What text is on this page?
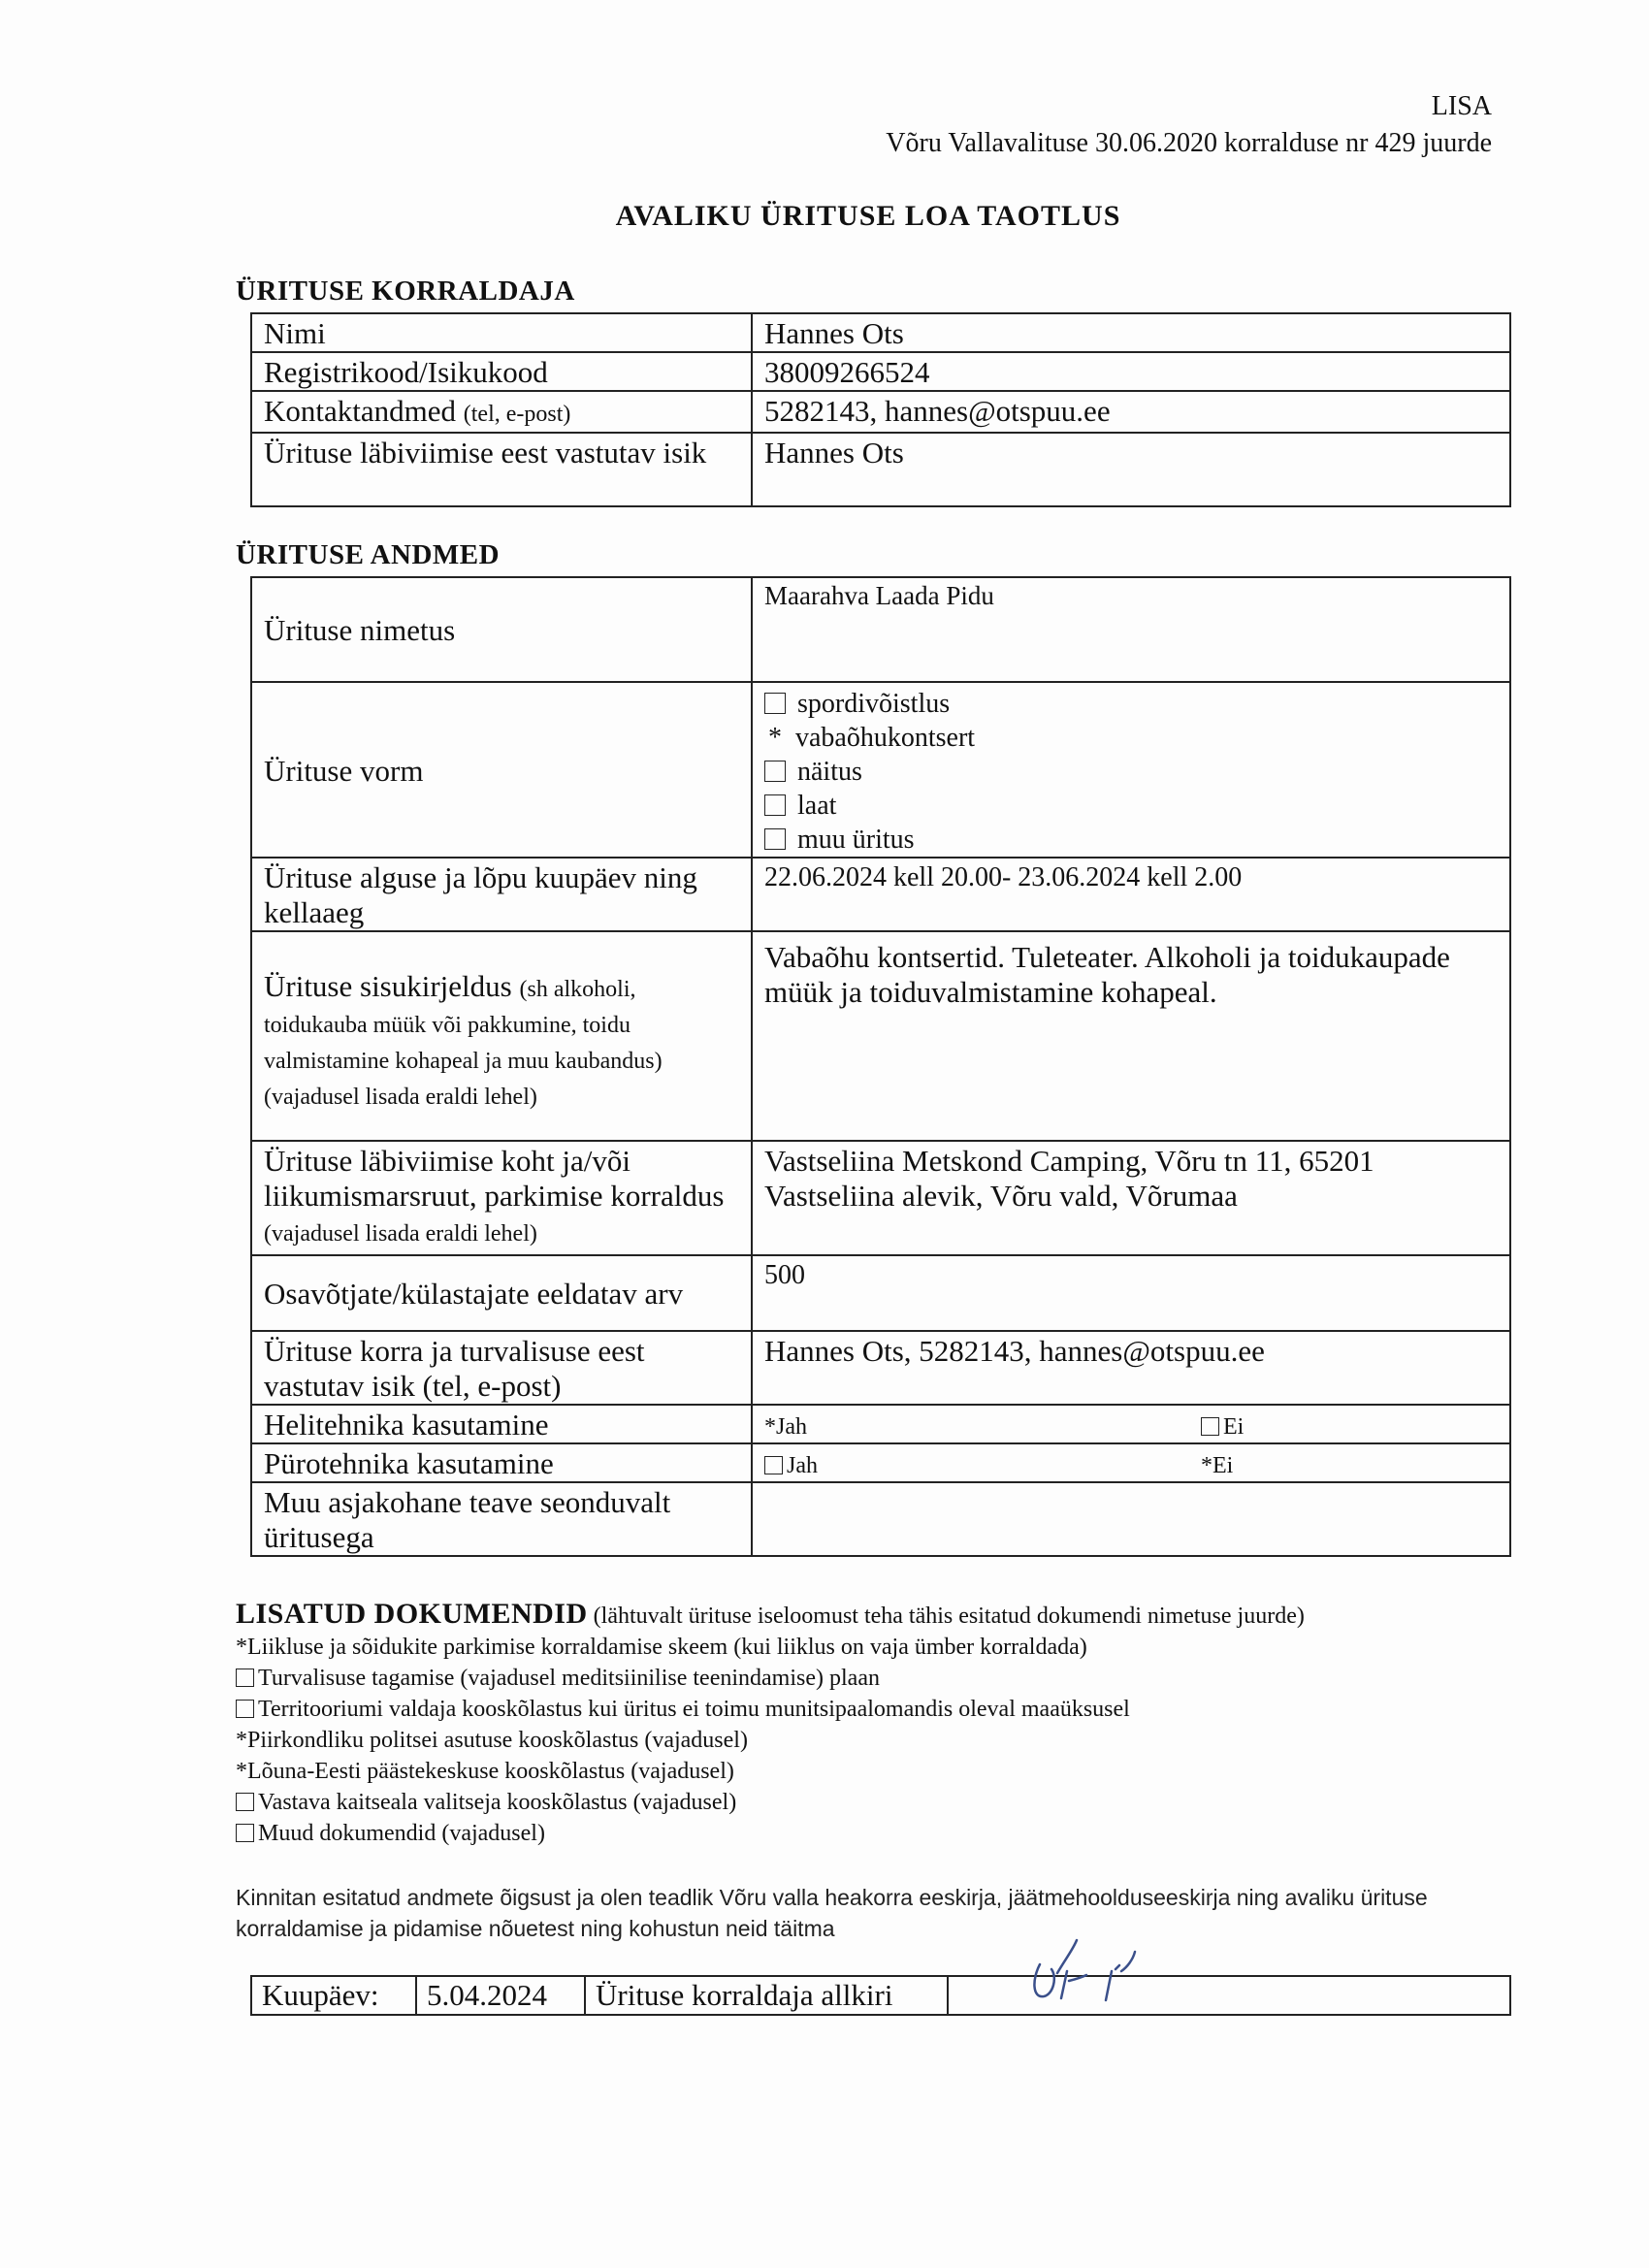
LISA
Võru Vallavalituse 30.06.2020 korralduse nr 429 juurde
AVALIKU ÜRITUSE LOA TAOTLUS
ÜRITUSE KORRALDAJA
Nimi	Hannes Ots
Registrikood/Isikukood	38009266524
Kontaktandmed (tel, e-post)	5282143, hannes@otspuu.ee
Ürituse läbiviimise eest vastutav isik	Hannes Ots
ÜRITUSE ANDMED
Ürituse nimetus	Maarahva Laada Pidu
Ürituse vorm	spordivõistlus
* vabaõhukontsert
näitus
laat
muu üritus

Ürituse alguse ja lõpu kuupäev ning kellaaeg	22.06.2024 kell 20.00- 23.06.2024 kell 2.00
Ürituse sisukirjeldus (sh alkoholi, toidukauba müük või pakkumine, toidu valmistamine kohapeal ja muu kaubandus) (vajadusel lisada eraldi lehel)	Vabaõhu kontsertid. Tuleteater. Alkoholi ja toidukaupade müük ja toiduvalmistamine kohapeal.
Ürituse läbiviimise koht ja/või liikumismarsruut, parkimise korraldus (vajadusel lisada eraldi lehel)	Vastseliina Metskond Camping, Võru tn 11, 65201 Vastseliina alevik, Võru vald, Võrumaa
Osavõtjate/külastajate eeldatav arv	500
Ürituse korra ja turvalisuse eest vastutav isik (tel, e-post)	Hannes Ots, 5282143, hannes@otspuu.ee
Helitehnika kasutamine	*Jah Ei

Pürotehnika kasutamine	Jah *Ei

Muu asjakohane teave seonduvalt üritusega	
LISATUD DOKUMENDID (lähtuvalt ürituse iseloomust teha tähis esitatud dokumendi nimetuse juurde)
*Liikluse ja sõidukite parkimise korraldamise skeem (kui liiklus on vaja ümber korraldada)
Turvalisuse tagamise (vajadusel meditsiinilise teenindamise) plaan
Territooriumi valdaja kooskõlastus kui üritus ei toimu munitsipaalomandis oleval maaüksusel
*Piirkondliku politsei asutuse kooskõlastus (vajadusel)
*Lõuna-Eesti päästekeskuse kooskõlastus (vajadusel)
Vastava kaitseala valitseja kooskõlastus (vajadusel)
Muud dokumendid (vajadusel)
Kinnitan esitatud andmete õigsust ja olen teadlik Võru valla heakorra eeskirja, jäätmehoolduseeskirja ning avaliku ürituse korraldamise ja pidamise nõuetest ning kohustun neid täitma
Kuupäev:	5.04.2024	Ürituse korraldaja allkiri	
